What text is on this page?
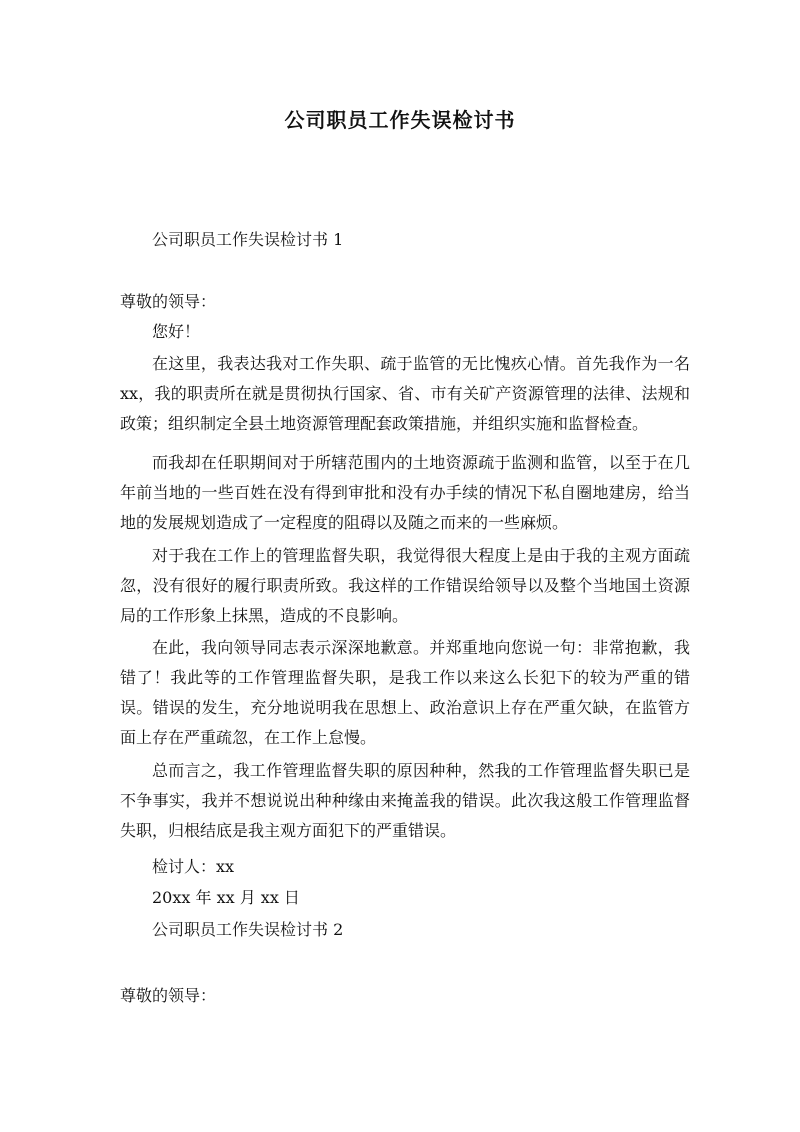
公司职员工作失误检讨书
公司职员工作失误检讨书 1
尊敬的领导：
您好！
在这里，我表达我对工作失职、疏于监管的无比愧疚心情。首先我作为一名xx，我的职责所在就是贯彻执行国家、省、市有关矿产资源管理的法律、法规和政策；组织制定全县土地资源管理配套政策措施，并组织实施和监督检查。
而我却在任职期间对于所辖范围内的土地资源疏于监测和监管，以至于在几年前当地的一些百姓在没有得到审批和没有办手续的情况下私自圈地建房，给当地的发展规划造成了一定程度的阻碍以及随之而来的一些麻烦。
对于我在工作上的管理监督失职，我觉得很大程度上是由于我的主观方面疏忽，没有很好的履行职责所致。我这样的工作错误给领导以及整个当地国土资源局的工作形象上抹黑，造成的不良影响。
在此，我向领导同志表示深深地歉意。并郑重地向您说一句：非常抱歉，我错了！我此等的工作管理监督失职，是我工作以来这么长犯下的较为严重的错误。错误的发生，充分地说明我在思想上、政治意识上存在严重欠缺，在监管方面上存在严重疏忽，在工作上怠慢。
总而言之，我工作管理监督失职的原因种种，然我的工作管理监督失职已是不争事实，我并不想说说出种种缘由来掩盖我的错误。此次我这般工作管理监督失职，归根结底是我主观方面犯下的严重错误。
检讨人：xx
20xx 年 xx 月 xx 日
公司职员工作失误检讨书 2
尊敬的领导：
